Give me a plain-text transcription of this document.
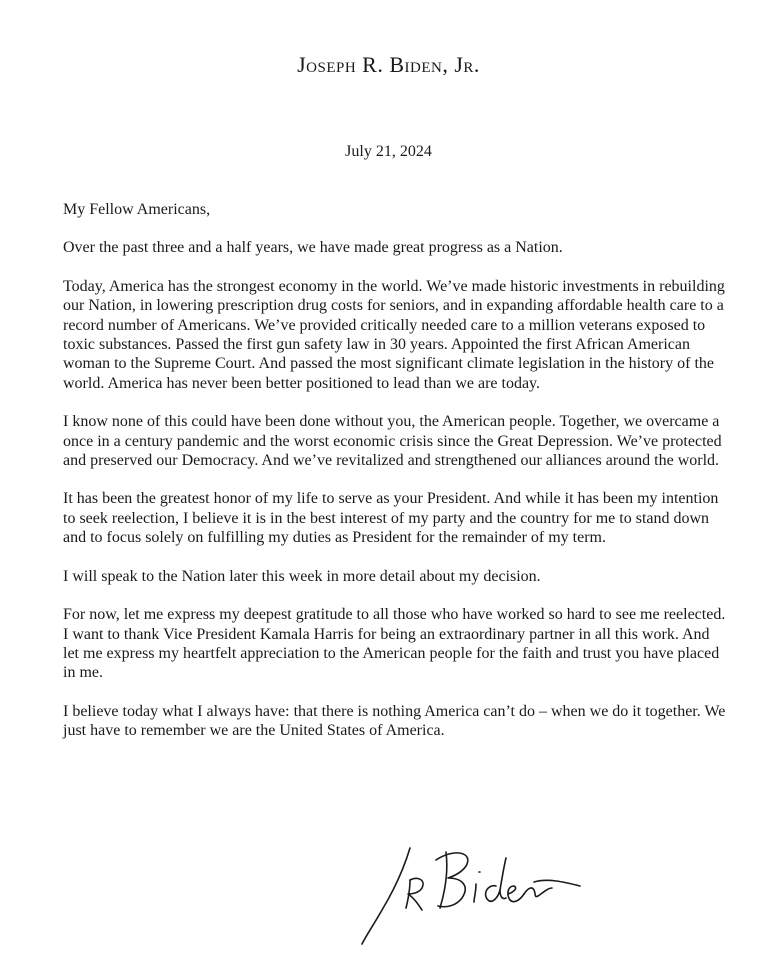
Joseph R. Biden, Jr.
July 21, 2024

My Fellow Americans,

Over the past three and a half years, we have made great progress as a Nation.

Today, America has the strongest economy in the world. We’ve made historic investments in rebuilding our Nation, in lowering prescription drug costs for seniors, and in expanding affordable health care to a record number of Americans. We’ve provided critically needed care to a million veterans exposed to toxic substances. Passed the first gun safety law in 30 years. Appointed the first African American woman to the Supreme Court. And passed the most significant climate legislation in the history of the world. America has never been better positioned to lead than we are today.

I know none of this could have been done without you, the American people. Together, we overcame a once in a century pandemic and the worst economic crisis since the Great Depression. We’ve protected and preserved our Democracy. And we’ve revitalized and strengthened our alliances around the world.

It has been the greatest honor of my life to serve as your President. And while it has been my intention to seek reelection, I believe it is in the best interest of my party and the country for me to stand down and to focus solely on fulfilling my duties as President for the remainder of my term.

I will speak to the Nation later this week in more detail about my decision.

For now, let me express my deepest gratitude to all those who have worked so hard to see me reelected. I want to thank Vice President Kamala Harris for being an extraordinary partner in all this work. And let me express my heartfelt appreciation to the American people for the faith and trust you have placed in me.

I believe today what I always have: that there is nothing America can’t do – when we do it together. We just have to remember we are the United States of America.
